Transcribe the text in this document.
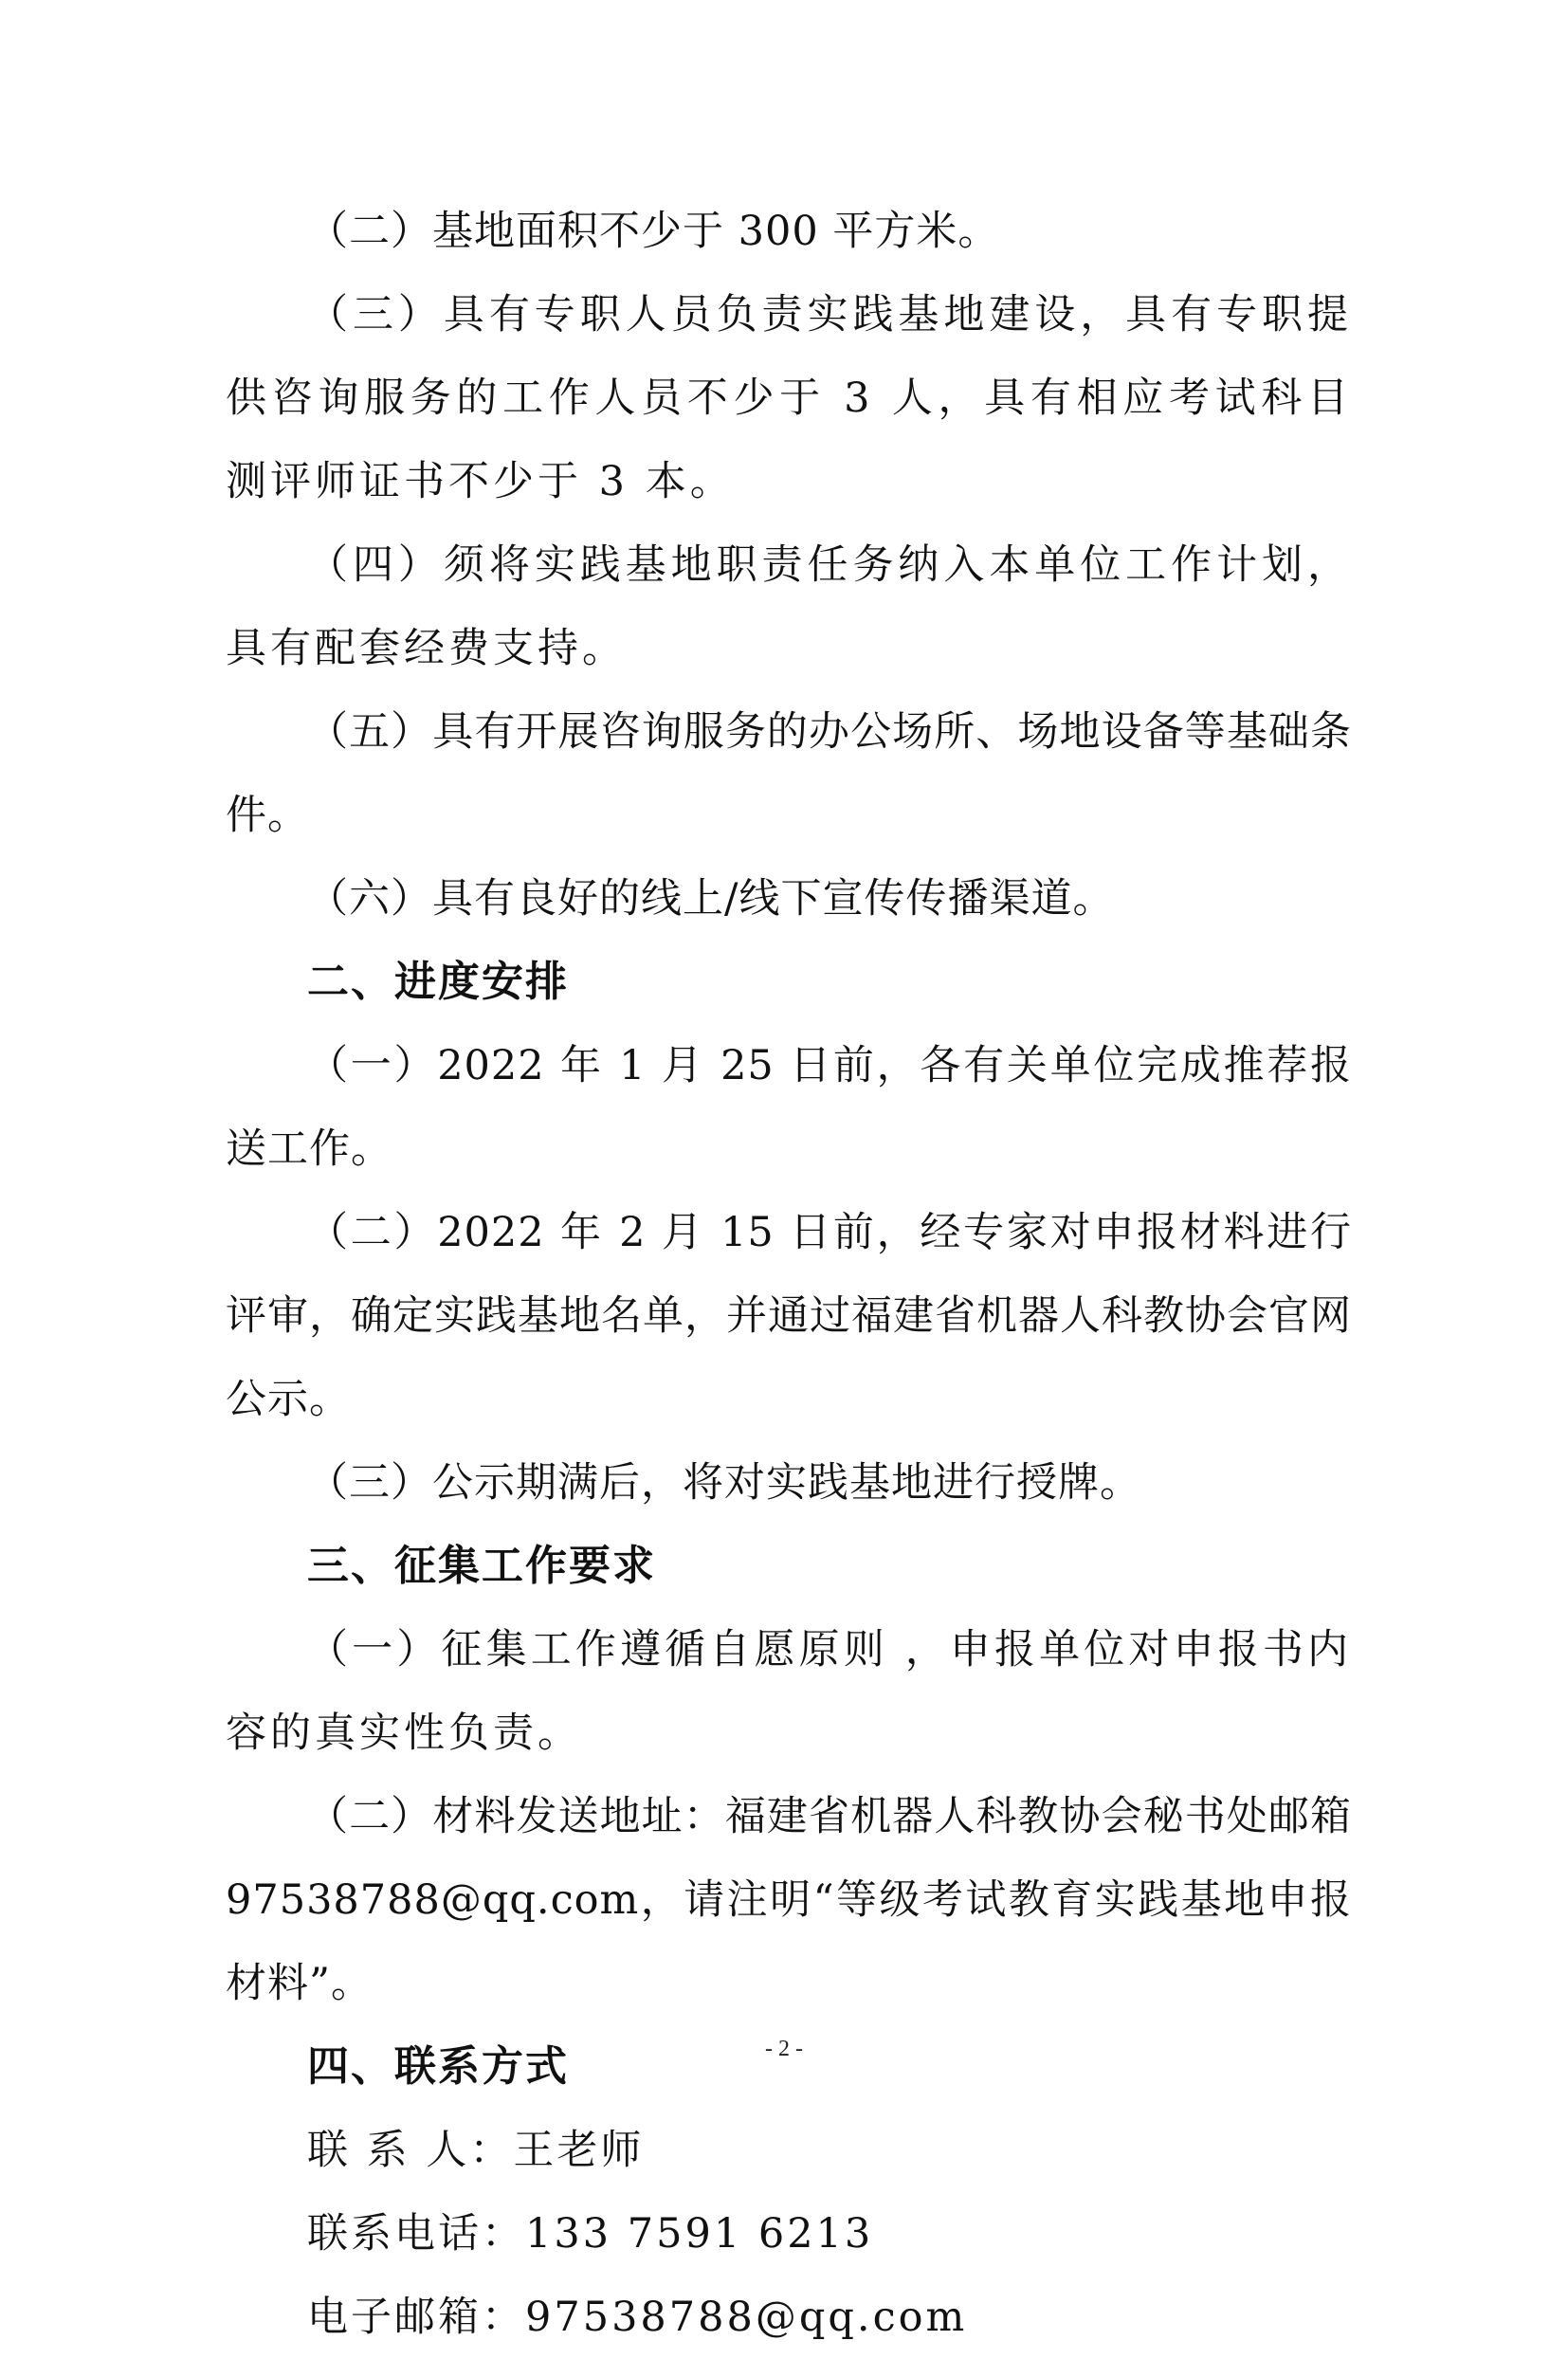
（二）基地面积不少于 300 平方米。

（三）具有专职人员负责实践基地建设，具有专职提供咨询服务的工作人员不少于 3 人，具有相应考试科目测评师证书不少于 3 本。

（四）须将实践基地职责任务纳入本单位工作计划，具有配套经费支持。

（五）具有开展咨询服务的办公场所、场地设备等基础条件。

（六）具有良好的线上/线下宣传传播渠道。

二、进度安排

（一）2022 年 1 月 25 日前，各有关单位完成推荐报送工作。

（二）2022 年 2 月 15 日前，经专家对申报材料进行评审，确定实践基地名单，并通过福建省机器人科教协会官网公示。

（三）公示期满后，将对实践基地进行授牌。

三、征集工作要求

（一）征集工作遵循自愿原则 ，申报单位对申报书内容的真实性负责。

（二）材料发送地址：福建省机器人科教协会秘书处邮箱97538788@qq.com，请注明“等级考试教育实践基地申报材料”。

四、联系方式

联 系 人：王老师

联系电话：133 7591 6213

电子邮箱：97538788@qq.com

- 2 -
